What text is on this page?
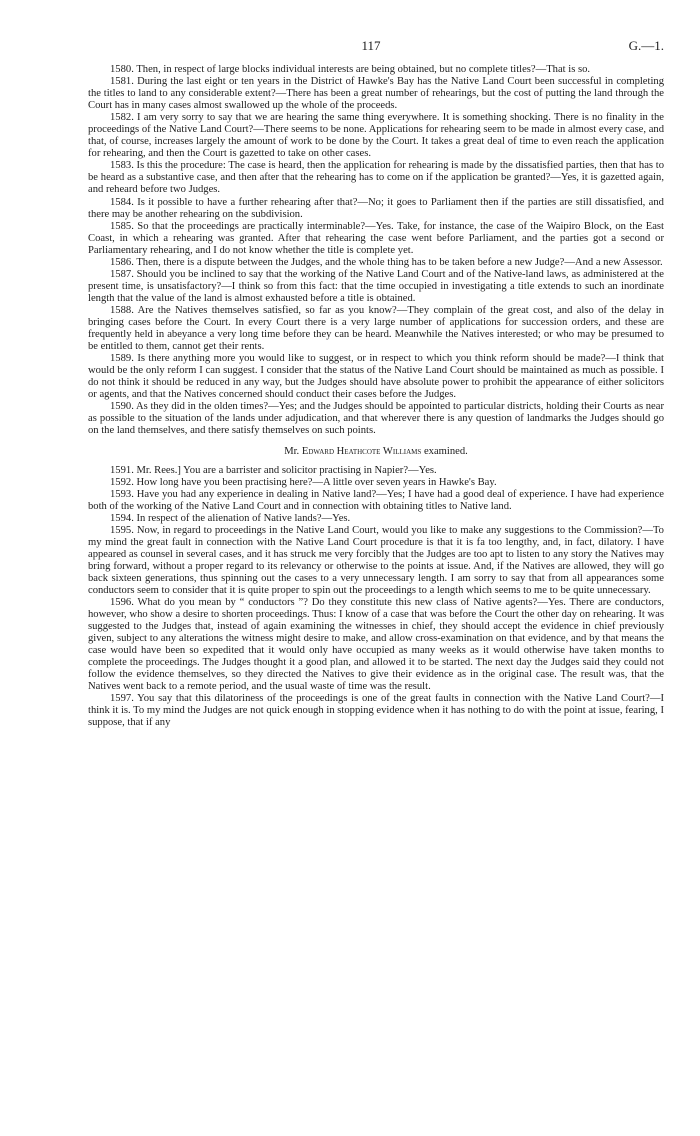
117	G.—1.

1580. Then, in respect of large blocks individual interests are being obtained, but no complete titles?—That is so.

1581. During the last eight or ten years in the District of Hawke's Bay has the Native Land Court been successful in completing the titles to land to any considerable extent?—There has been a great number of rehearings, but the cost of putting the land through the Court has in many cases almost swallowed up the whole of the proceeds.

1582. I am very sorry to say that we are hearing the same thing everywhere. It is something shocking. There is no finality in the proceedings of the Native Land Court?—There seems to be none. Applications for rehearing seem to be made in almost every case, and that, of course, increases largely the amount of work to be done by the Court. It takes a great deal of time to even reach the application for rehearing, and then the Court is gazetted to take on other cases.

1583. Is this the procedure: The case is heard, then the application for rehearing is made by the dissatisfied parties, then that has to be heard as a substantive case, and then after that the rehearing has to come on if the application be granted?—Yes, it is gazetted again, and reheard before two Judges.

1584. Is it possible to have a further rehearing after that?—No; it goes to Parliament then if the parties are still dissatisfied, and there may be another rehearing on the subdivision.

1585. So that the proceedings are practically interminable?—Yes. Take, for instance, the case of the Waipiro Block, on the East Coast, in which a rehearing was granted. After that rehearing the case went before Parliament, and the parties got a second or Parliamentary rehearing, and I do not know whether the title is complete yet.

1586. Then, there is a dispute between the Judges, and the whole thing has to be taken before a new Judge?—And a new Assessor.

1587. Should you be inclined to say that the working of the Native Land Court and of the Native-land laws, as administered at the present time, is unsatisfactory?—I think so from this fact: that the time occupied in investigating a title extends to such an inordinate length that the value of the land is almost exhausted before a title is obtained.

1588. Are the Natives themselves satisfied, so far as you know?—They complain of the great cost, and also of the delay in bringing cases before the Court. In every Court there is a very large number of applications for succession orders, and these are frequently held in abeyance a very long time before they can be heard. Meanwhile the Natives interested; or who may be presumed to be entitled to them, cannot get their rents.

1589. Is there anything more you would like to suggest, or in respect to which you think reform should be made?—I think that would be the only reform I can suggest. I consider that the status of the Native Land Court should be maintained as much as possible. I do not think it should be reduced in any way, but the Judges should have absolute power to prohibit the appearance of either solicitors or agents, and that the Natives concerned should conduct their cases before the Judges.

1590. As they did in the olden times?—Yes; and the Judges should be appointed to particular districts, holding their Courts as near as possible to the situation of the lands under adjudication, and that wherever there is any question of landmarks the Judges should go on the land themselves, and there satisfy themselves on such points.

Mr. Edward Heathcote Williams examined.

1591. Mr. Rees.] You are a barrister and solicitor practising in Napier?—Yes.

1592. How long have you been practising here?—A little over seven years in Hawke's Bay.

1593. Have you had any experience in dealing in Native land?—Yes; I have had a good deal of experience. I have had experience both of the working of the Native Land Court and in connection with obtaining titles to Native land.

1594. In respect of the alienation of Native lands?—Yes.

1595. Now, in regard to proceedings in the Native Land Court, would you like to make any suggestions to the Commission?—To my mind the great fault in connection with the Native Land Court procedure is that it is fa too lengthy, and, in fact, dilatory. I have appeared as counsel in several cases, and it has struck me very forcibly that the Judges are too apt to listen to any story the Natives may bring forward, without a proper regard to its relevancy or otherwise to the points at issue. And, if the Natives are allowed, they will go back sixteen generations, thus spinning out the cases to a very unnecessary length. I am sorry to say that from all appearances some conductors seem to consider that it is quite proper to spin out the proceedings to a length which seems to me to be quite unnecessary.

1596. What do you mean by “ conductors ”? Do they constitute this new class of Native agents?—Yes. There are conductors, however, who show a desire to shorten proceedings. Thus: I know of a case that was before the Court the other day on rehearing. It was suggested to the Judges that, instead of again examining the witnesses in chief, they should accept the evidence in chief previously given, subject to any alterations the witness might desire to make, and allow cross-examination on that evidence, and by that means the case would have been so expedited that it would only have occupied as many weeks as it would otherwise have taken months to complete the proceedings. The Judges thought it a good plan, and allowed it to be started. The next day the Judges said they could not follow the evidence themselves, so they directed the Natives to give their evidence as in the original case. The result was, that the Natives went back to a remote period, and the usual waste of time was the result.

1597. You say that this dilatoriness of the proceedings is one of the great faults in connection with the Native Land Court?—I think it is. To my mind the Judges are not quick enough in stopping evidence when it has nothing to do with the point at issue, fearing, I suppose, that if any
